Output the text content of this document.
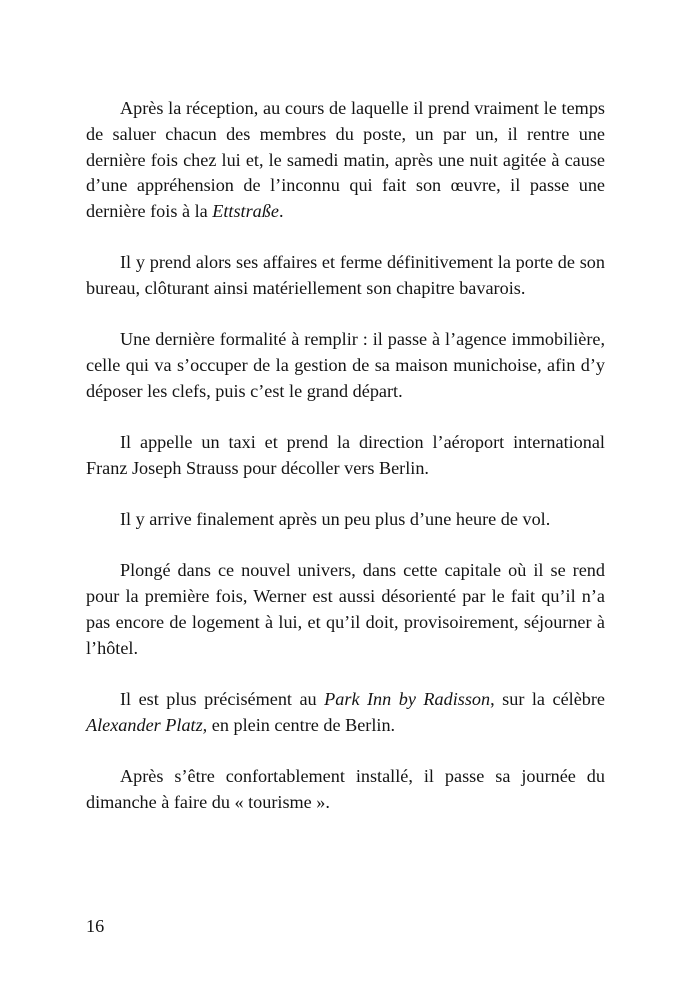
Après la réception, au cours de laquelle il prend vraiment le temps de saluer chacun des membres du poste, un par un, il rentre une dernière fois chez lui et, le samedi matin, après une nuit agitée à cause d’une appréhension de l’inconnu qui fait son œuvre, il passe une dernière fois à la Ettstraße.

Il y prend alors ses affaires et ferme définitivement la porte de son bureau, clôturant ainsi matériellement son chapitre bavarois.

Une dernière formalité à remplir : il passe à l’agence immobilière, celle qui va s’occuper de la gestion de sa maison munichoise, afin d’y déposer les clefs, puis c’est le grand départ.

Il appelle un taxi et prend la direction l’aéroport international Franz Joseph Strauss pour décoller vers Berlin.

Il y arrive finalement après un peu plus d’une heure de vol.

Plongé dans ce nouvel univers, dans cette capitale où il se rend pour la première fois, Werner est aussi désorienté par le fait qu’il n’a pas encore de logement à lui, et qu’il doit, provisoirement, séjourner à l’hôtel.

Il est plus précisément au Park Inn by Radisson, sur la célèbre Alexander Platz, en plein centre de Berlin.

Après s’être confortablement installé, il passe sa journée du dimanche à faire du « tourisme ».

16
